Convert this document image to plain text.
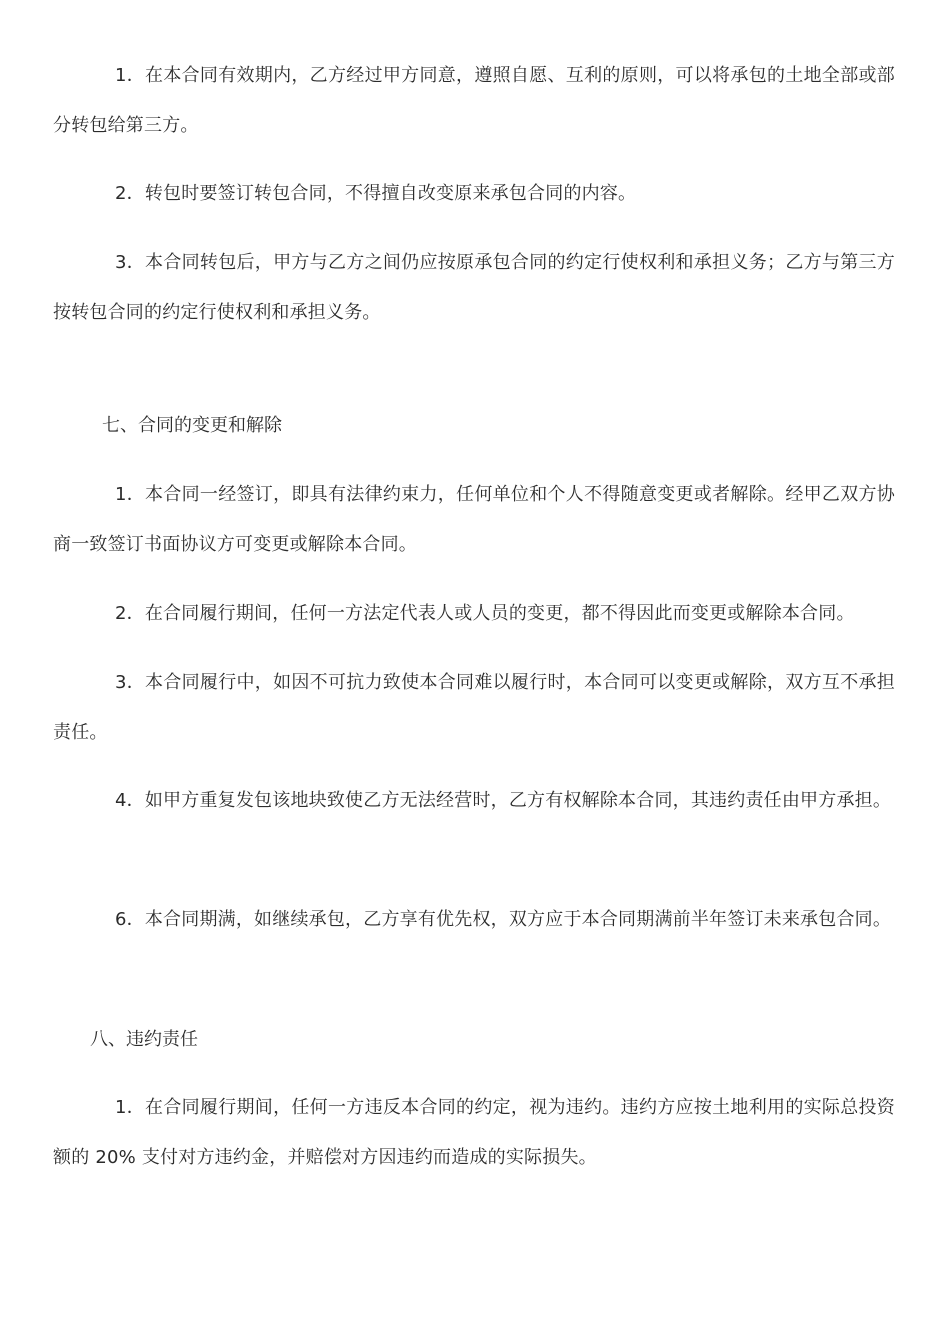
1．在本合同有效期内，乙方经过甲方同意，遵照自愿、互利的原则，可以将承包的土地全部或部分转包给第三方。

2．转包时要签订转包合同，不得擅自改变原来承包合同的内容。

3．本合同转包后，甲方与乙方之间仍应按原承包合同的约定行使权利和承担义务；乙方与第三方按转包合同的约定行使权利和承担义务。

七、合同的变更和解除

1．本合同一经签订，即具有法律约束力，任何单位和个人不得随意变更或者解除。经甲乙双方协商一致签订书面协议方可变更或解除本合同。

2．在合同履行期间，任何一方法定代表人或人员的变更，都不得因此而变更或解除本合同。

3．本合同履行中，如因不可抗力致使本合同难以履行时，本合同可以变更或解除，双方互不承担责任。

4．如甲方重复发包该地块致使乙方无法经营时，乙方有权解除本合同，其违约责任由甲方承担。

6．本合同期满，如继续承包，乙方享有优先权，双方应于本合同期满前半年签订未来承包合同。

八、违约责任

1．在合同履行期间，任何一方违反本合同的约定，视为违约。违约方应按土地利用的实际总投资额的 20% 支付对方违约金，并赔偿对方因违约而造成的实际损失。
